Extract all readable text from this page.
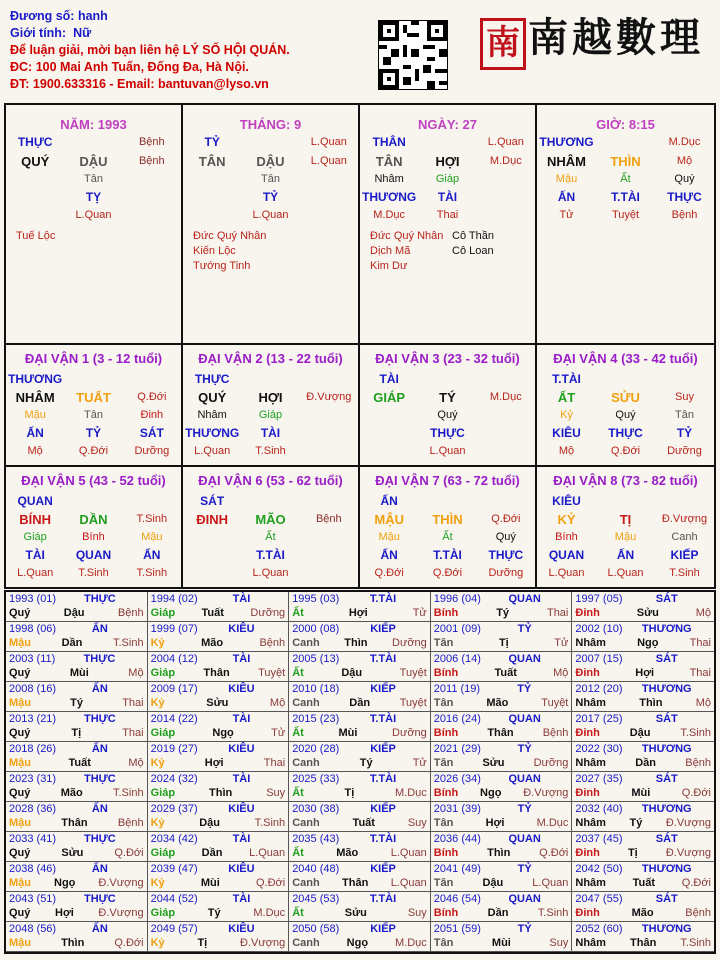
Đương số: hanh
Giới tính: Nữ
Để luận giải, mời bạn liên hệ LÝ SỐ HỘI QUÁN.
ĐC: 100 Mai Anh Tuấn, Đống Đa, Hà Nội.
ĐT: 1900.633316 - Email: bantuvan@lyso.vn
南 南越數理
NĂM: 1993
THỰC	Bệnh
QUÝ	DẬU	Bệnh
Tân
TỴ
L.Quan
Tuế Lộc
THÁNG: 9
TỶ	L.Quan
TÂN	DẬU	L.Quan
Tân
TỶ
L.Quan
Đức Quý Nhân
Kiến Lộc
Tướng Tinh
NGÀY: 27
THÂN	L.Quan
TÂN	HỢI	M.Dục
Nhâm	Giáp
THƯƠNG	TÀI
M.Dục	Thai
Đức Quý Nhân
Dịch Mã
Kim Dư
Cô Thần
Cô Loan
GIỜ: 8:15
THƯƠNG	M.Dục
NHÂM	THÌN	Mộ
Mậu	Ất	Quý
ẤN	T.TÀI	THỰC
Tử	Tuyệt	Bệnh
ĐẠI VẬN 1 (3 - 12 tuổi)
THƯƠNG
NHÂM	TUẤT	Q.Đới
Mậu	Tân	Đinh
ẤN	TỶ	SÁT
Mộ	Q.Đới	Dưỡng
ĐẠI VẬN 2 (13 - 22 tuổi)
THỰC
QUÝ	HỢI	Đ.Vượng
Nhâm	Giáp
THƯƠNG	TÀI
L.Quan	T.Sinh
ĐẠI VẬN 3 (23 - 32 tuổi)
TÀI
GIÁP	TÝ	M.Dục
Quý
THỰC
L.Quan
ĐẠI VẬN 4 (33 - 42 tuổi)
T.TÀI
ẤT	SỬU	Suy
Kỷ	Quý	Tân
KIÊU	THỰC	TỶ
Mộ	Q.Đới	Dưỡng
ĐẠI VẬN 5 (43 - 52 tuổi)
QUAN
BÍNH	DẦN	T.Sinh
Giáp	Bính	Mậu
TÀI	QUAN	ẤN
L.Quan	T.Sinh	T.Sinh
ĐẠI VẬN 6 (53 - 62 tuổi)
SÁT
ĐINH	MÃO	Bệnh
Ất
T.TÀI
L.Quan
ĐẠI VẬN 7 (63 - 72 tuổi)
ẤN
MẬU	THÌN	Q.Đới
Mậu	Ất	Quý
ẤN	T.TÀI	THỰC
Q.Đới	Q.Đới	Dưỡng
ĐẠI VẬN 8 (73 - 82 tuổi)
KIÊU
KỶ	TỊ	Đ.Vượng
Bính	Mậu	Canh
QUAN	ẤN	KIẾP
L.Quan	L.Quan	T.Sinh
1993 (01)	THỰC
Quý	Dậu	Bệnh
1994 (02)	TÀI
Giáp Tuất Dưỡng
1995 (03)	T.TÀI
Ất	Hợi	Tử
1996 (04)	QUAN
Bính	Tý	Thai
1997 (05)	SÁT
Đinh	Sửu	Mộ
1998 (06)	ẤN
Mậu	Dần	T.Sinh
1999 (07)	KIÊU
Kỷ	Mão	Bệnh
2000 (08)	KIẾP
Canh Thìn Dưỡng
2001 (09)	TỶ
Tân	Tị	Tử
2002 (10) THƯƠNG
Nhâm	Ngọ	Thai
2003 (11)	THỰC
Quý	Mùi	Mộ
2004 (12)	TÀI
Giáp	Thân	Tuyệt
2005 (13)	T.TÀI
Ất	Dậu	Tuyệt
2006 (14)	QUAN
Bính	Tuất	Mộ
2007 (15)	SÁT
Đinh	Hợi	Thai
2008 (16)	ẤN
Mậu	Tý	Thai
2009 (17)	KIÊU
Kỷ	Sửu	Mộ
2010 (18)	KIẾP
Canh	Dần	Tuyệt
2011 (19)	TỶ
Tân	Mão	Tuyệt
2012 (20) THƯƠNG
Nhâm	Thìn	Mộ
2013 (21)	THỰC
Quý	Tị	Thai
2014 (22)	TÀI
Giáp	Ngọ	Tử
2015 (23)	T.TÀI
Ất	Mùi	Dưỡng
2016 (24)	QUAN
Bính	Thân	Bệnh
2017 (25)	SÁT
Đinh	Dậu	T.Sinh
2018 (26)	ẤN
Mậu	Tuất	Mộ
2019 (27)	KIÊU
Kỷ	Hợi	Thai
2020 (28)	KIẾP
Canh	Tý	Tử
2021 (29)	TỶ
Tân	Sửu	Dưỡng
2022 (30) THƯƠNG
Nhâm	Dần	Bệnh
2023 (31)	THỰC
Quý	Mão	T.Sinh
2024 (32)	TÀI
Giáp	Thìn	Suy
2025 (33)	T.TÀI
Ất	Tị	M.Dục
2026 (34)	QUAN
Bính Ngọ Đ.Vượng
2027 (35)	SÁT
Đinh	Mùi	Q.Đới
2028 (36)	ẤN
Mậu	Thân	Bệnh
2029 (37)	KIÊU
Kỷ	Dậu	T.Sinh
2030 (38)	KIẾP
Canh	Tuất	Suy
2031 (39)	TỶ
Tân	Hợi	M.Dục
2032 (40) THƯƠNG
Nhâm Tý Đ.Vượng
2033 (41)	THỰC
Quý	Sửu	Q.Đới
2034 (42)	TÀI
Giáp Dần L.Quan
2035 (43)	T.TÀI
Ất	Mão	L.Quan
2036 (44)	QUAN
Bính	Thìn	Q.Đới
2037 (45)	SÁT
Đinh	Tị	Đ.Vượng
2038 (46)	ẤN
Mậu Ngọ Đ.Vượng
2039 (47)	KIÊU
Kỷ	Mùi	Q.Đới
2040 (48)	KIẾP
Canh Thân L.Quan
2041 (49)	TỶ
Tân	Dậu	L.Quan
2042 (50) THƯƠNG
Nhâm Tuất Q.Đới
2043 (51)	THỰC
Quý Hợi Đ.Vượng
2044 (52)	TÀI
Giáp	Tý	M.Dục
2045 (53)	T.TÀI
Ất	Sửu	Suy
2046 (54)	QUAN
Bính	Dần	T.Sinh
2047 (55)	SÁT
Đinh	Mão	Bệnh
2048 (56)	ẤN
Mậu	Thìn	Q.Đới
2049 (57)	KIÊU
Kỷ	Tị	Đ.Vượng
2050 (58)	KIẾP
Canh Ngọ M.Dục
2051 (59)	TỶ
Tân	Mùi	Suy
2052 (60) THƯƠNG
Nhâm Thân T.Sinh
